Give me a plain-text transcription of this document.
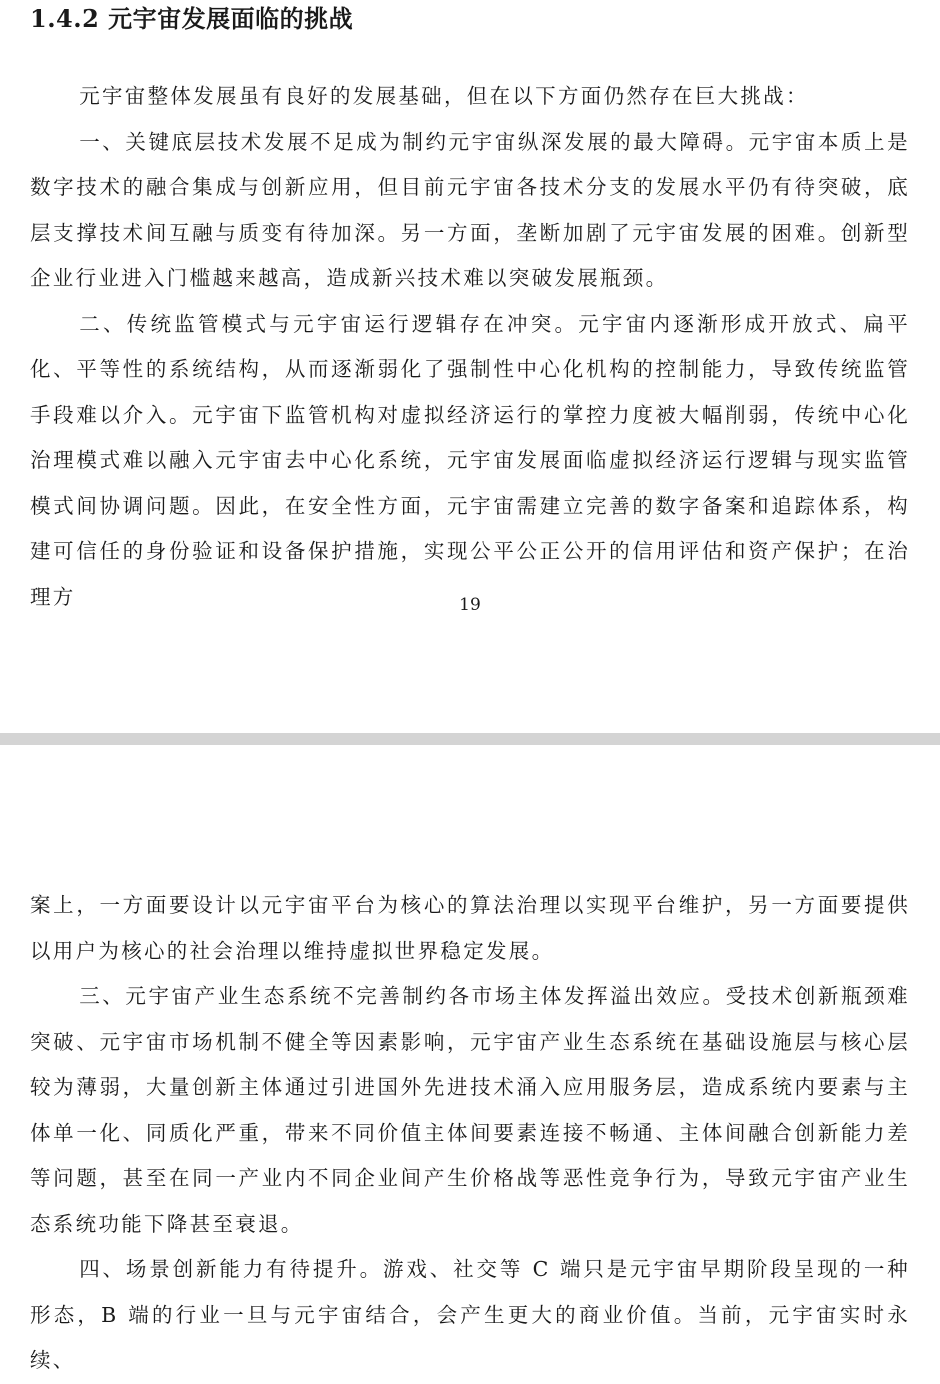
1.4.2 元宇宙发展面临的挑战

元宇宙整体发展虽有良好的发展基础，但在以下方面仍然存在巨大挑战：

一、关键底层技术发展不足成为制约元宇宙纵深发展的最大障碍。元宇宙本质上是数字技术的融合集成与创新应用，但目前元宇宙各技术分支的发展水平仍有待突破，底层支撑技术间互融与质变有待加深。另一方面，垄断加剧了元宇宙发展的困难。创新型企业行业进入门槛越来越高，造成新兴技术难以突破发展瓶颈。

二、传统监管模式与元宇宙运行逻辑存在冲突。元宇宙内逐渐形成开放式、扁平化、平等性的系统结构，从而逐渐弱化了强制性中心化机构的控制能力，导致传统监管手段难以介入。元宇宙下监管机构对虚拟经济运行的掌控力度被大幅削弱，传统中心化治理模式难以融入元宇宙去中心化系统，元宇宙发展面临虚拟经济运行逻辑与现实监管模式间协调问题。因此，在安全性方面，元宇宙需建立完善的数字备案和追踪体系，构建可信任的身份验证和设备保护措施，实现公平公正公开的信用评估和资产保护；在治理方	19

案上，一方面要设计以元宇宙平台为核心的算法治理以实现平台维护，另一方面要提供以用户为核心的社会治理以维持虚拟世界稳定发展。

三、元宇宙产业生态系统不完善制约各市场主体发挥溢出效应。受技术创新瓶颈难突破、元宇宙市场机制不健全等因素影响，元宇宙产业生态系统在基础设施层与核心层较为薄弱，大量创新主体通过引进国外先进技术涌入应用服务层，造成系统内要素与主体单一化、同质化严重，带来不同价值主体间要素连接不畅通、主体间融合创新能力差等问题，甚至在同一产业内不同企业间产生价格战等恶性竞争行为，导致元宇宙产业生态系统功能下降甚至衰退。

四、场景创新能力有待提升。游戏、社交等 C 端只是元宇宙早期阶段呈现的一种形态，B 端的行业一旦与元宇宙结合，会产生更大的商业价值。当前，元宇宙实时永续、
